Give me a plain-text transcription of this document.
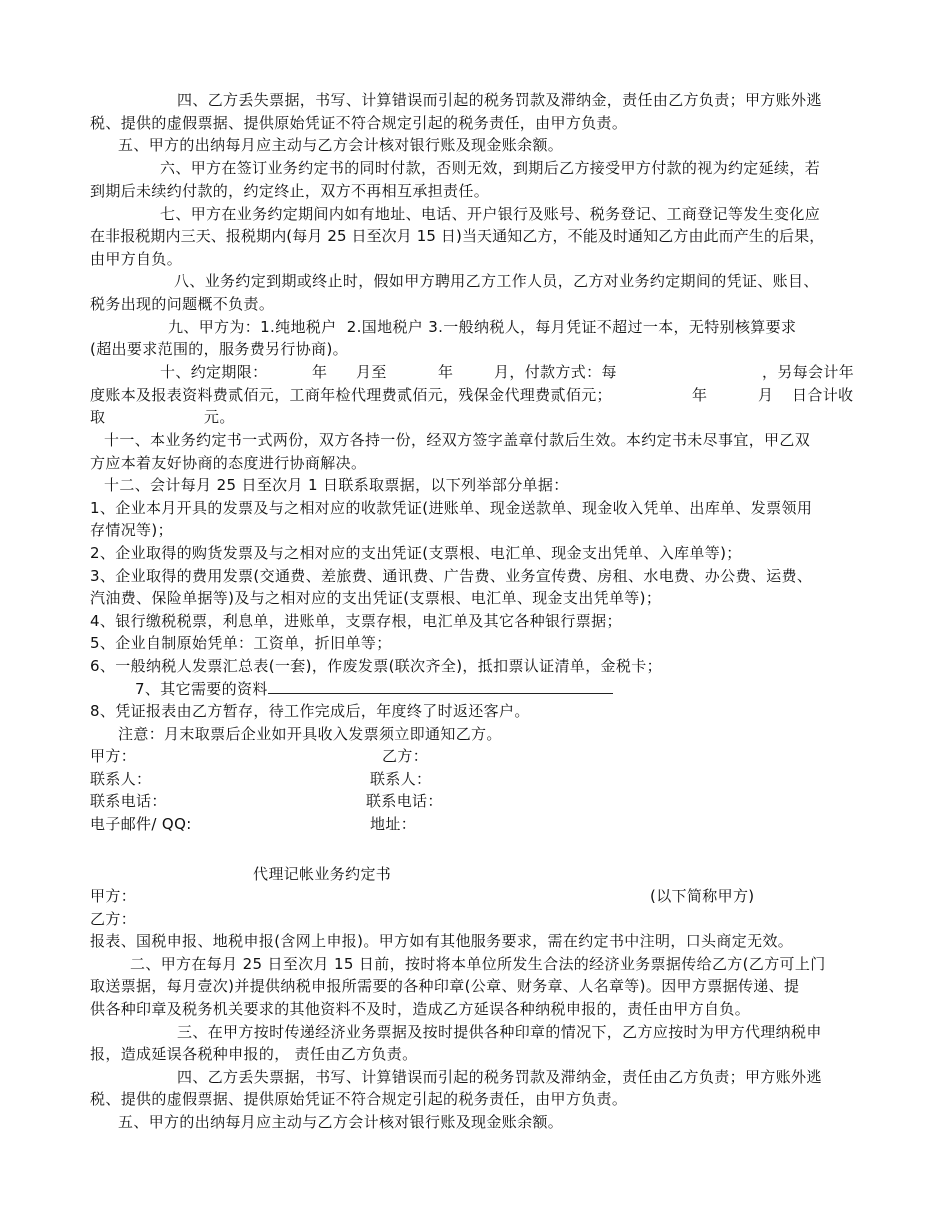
四、乙方丢失票据，书写、计算错误而引起的税务罚款及滞纳金，责任由乙方负责；甲方账外逃
税、提供的虚假票据、提供原始凭证不符合规定引起的税务责任，由甲方负责。
五、甲方的出纳每月应主动与乙方会计核对银行账及现金账余额。
六、甲方在签订业务约定书的同时付款，否则无效，到期后乙方接受甲方付款的视为约定延续，若
到期后未续约付款的，约定终止，双方不再相互承担责任。
七、甲方在业务约定期间内如有地址、电话、开户银行及账号、税务登记、工商登记等发生变化应
在非报税期内三天、报税期内(每月 25 日至次月 15 日)当天通知乙方，不能及时通知乙方由此而产生的后果，
由甲方自负。
八、业务约定到期或终止时，假如甲方聘用乙方工作人员，乙方对业务约定期间的凭证、账目、
税务出现的问题概不负责。
九、甲方为：1.纯地税户  2.国地税户 3.一般纳税人，每月凭证不超过一本，无特别核算要求
(超出要求范围的，服务费另行协商)。
十、约定期限：	年 月至	年	月，付款方式：每	，另每会计年
度账本及报表资料费贰佰元，工商年检代理费贰佰元，残保金代理费贰佰元；	年	月 日合计收
取	元。
十一、本业务约定书一式两份，双方各持一份，经双方签字盖章付款后生效。本约定书未尽事宜，甲乙双
方应本着友好协商的态度进行协商解决。
十二、会计每月 25 日至次月 1 日联系取票据，以下列举部分单据：
1、企业本月开具的发票及与之相对应的收款凭证(进账单、现金送款单、现金收入凭单、出库单、发票领用
存情况等)；
2、企业取得的购货发票及与之相对应的支出凭证(支票根、电汇单、现金支出凭单、入库单等)；
3、企业取得的费用发票(交通费、差旅费、通讯费、广告费、业务宣传费、房租、水电费、办公费、运费、
汽油费、保险单据等)及与之相对应的支出凭证(支票根、电汇单、现金支出凭单等)；
4、银行缴税税票，利息单，进账单，支票存根，电汇单及其它各种银行票据；
5、企业自制原始凭单：工资单，折旧单等；
6、一般纳税人发票汇总表(一套)，作废发票(联次齐全)，抵扣票认证清单，金税卡；
7、其它需要的资料
8、凭证报表由乙方暂存，待工作完成后，年度终了时返还客户。
注意：月末取票后企业如开具收入发票须立即通知乙方。
甲方：	乙方：
联系人：	联系人：
联系电话：	联系电话：
电子邮件/ QQ:	地址：
代理记帐业务约定书
甲方：	(以下简称甲方)
乙方：
报表、国税申报、地税申报(含网上申报)。甲方如有其他服务要求，需在约定书中注明，口头商定无效。
二、甲方在每月 25 日至次月 15 日前，按时将本单位所发生合法的经济业务票据传给乙方(乙方可上门
取送票据，每月壹次)并提供纳税申报所需要的各种印章(公章、财务章、人名章等)。因甲方票据传递、提
供各种印章及税务机关要求的其他资料不及时，造成乙方延误各种纳税申报的，责任由甲方自负。
三、在甲方按时传递经济业务票据及按时提供各种印章的情况下，乙方应按时为甲方代理纳税申
报，造成延误各税种申报的， 责任由乙方负责。
四、乙方丢失票据，书写、计算错误而引起的税务罚款及滞纳金，责任由乙方负责；甲方账外逃
税、提供的虚假票据、提供原始凭证不符合规定引起的税务责任，由甲方负责。
五、甲方的出纳每月应主动与乙方会计核对银行账及现金账余额。
